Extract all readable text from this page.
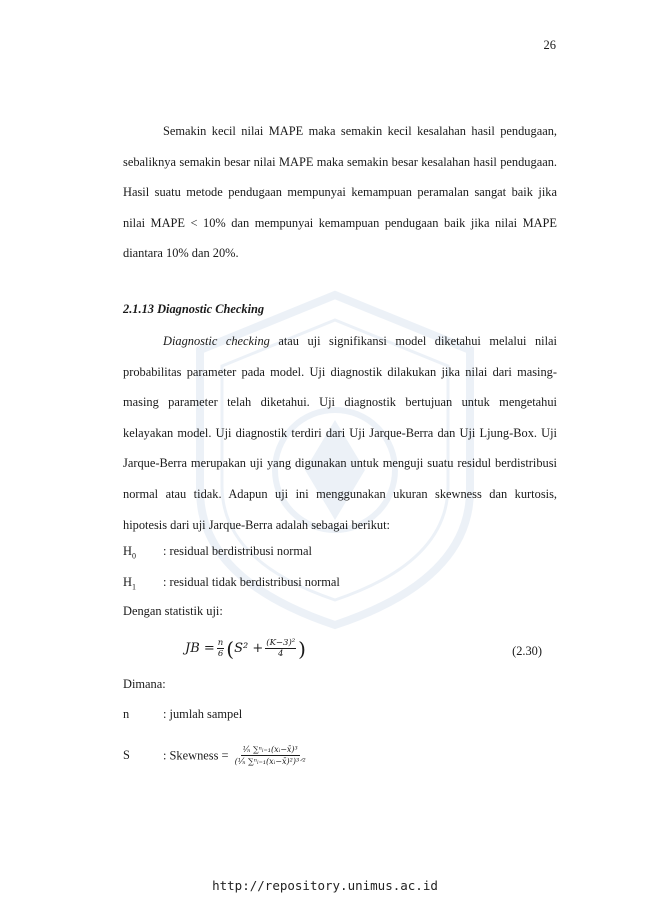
26

Semakin kecil nilai MAPE maka semakin kecil kesalahan hasil pendugaan, sebaliknya semakin besar nilai MAPE maka semakin besar kesalahan hasil pendugaan. Hasil suatu metode pendugaan mempunyai kemampuan peramalan sangat baik jika nilai MAPE < 10% dan mempunyai kemampuan pendugaan baik jika nilai MAPE diantara 10% dan 20%.

2.1.13 Diagnostic Checking

Diagnostic checking atau uji signifikansi model diketahui melalui nilai probabilitas parameter pada model. Uji diagnostik dilakukan jika nilai dari masing-masing parameter telah diketahui. Uji diagnostik bertujuan untuk mengetahui kelayakan model. Uji diagnostik terdiri dari Uji Jarque-Berra dan Uji Ljung-Box. Uji Jarque-Berra merupakan uji yang digunakan untuk menguji suatu residul berdistribusi normal atau tidak. Adapun uji ini menggunakan ukuran skewness dan kurtosis, hipotesis dari uji Jarque-Berra adalah sebagai berikut:

$H_0$ : residual berdistribusi normal
$H_1$ : residual tidak berdistribusi normal
Dengan statistik uji:
JB = $\frac{n}{6}$ ( $S^2 + \frac{\text{(K−3)²}}{4}$ )	(2.30)
Dimana:
n	: jumlah sampel
S	: Skewness = $\frac{\text{¹⁄ₙ ∑ⁿᵢ₌₁(xᵢ−x̄)³}}{\text{(¹⁄ₙ ∑ⁿᵢ₌₁(xᵢ−x̄)²)³ᐟ²}}$
http://repository.unimus.ac.id
